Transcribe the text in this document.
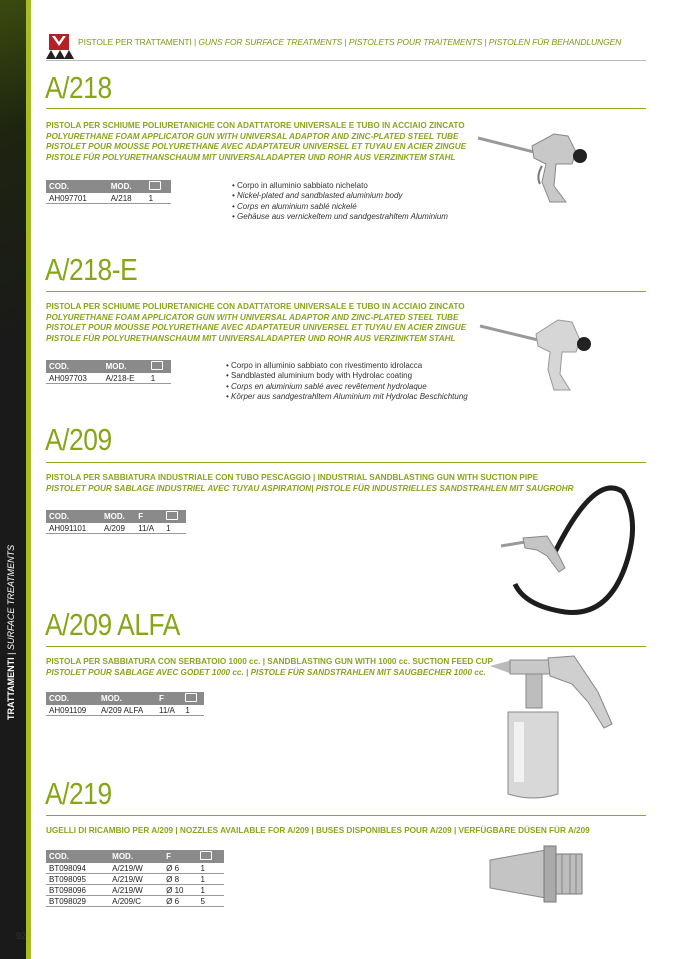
TRATTAMENTI | SURFACE TREATMENTS
PISTOLE PER TRATTAMENTI | GUNS FOR SURFACE TREATMENTS | PISTOLETS POUR TRAITEMENTS | PISTOLEN FÜR BEHANDLUNGEN
A/218
PISTOLA PER SCHIUME POLIURETANICHE CON ADATTATORE UNIVERSALE E TUBO IN ACCIAIO ZINCATO
POLYURETHANE FOAM APPLICATOR GUN WITH UNIVERSAL ADAPTOR AND ZINC-PLATED STEEL TUBE
PISTOLET POUR MOUSSE POLYURETHANE AVEC ADAPTATEUR UNIVERSEL ET TUYAU EN ACIER ZINGUE
PISTOLE FÜR POLYURETHANSCHAUM MIT UNIVERSALADAPTER UND ROHR AUS VERZINKTEM STAHL
COD.	MOD.	
AH097701	A/218	1
• Corpo in alluminio sabbiato nichelato
• Nickel-plated and sandblasted aluminium body
• Corps en aluminium sablé nickelé
• Gehäuse aus vernickeltem und sandgestrahltem Aluminium
A/218-E
PISTOLA PER SCHIUME POLIURETANICHE CON ADATTATORE UNIVERSALE E TUBO IN ACCIAIO ZINCATO
POLYURETHANE FOAM APPLICATOR GUN WITH UNIVERSAL ADAPTOR AND ZINC-PLATED STEEL TUBE
PISTOLET POUR MOUSSE POLYURETHANE AVEC ADAPTATEUR UNIVERSEL ET TUYAU EN ACIER ZINGUE
PISTOLE FÜR POLYURETHANSCHAUM MIT UNIVERSALADAPTER UND ROHR AUS VERZINKTEM STAHL
COD.	MOD.	
AH097703	A/218-E	1
• Corpo in alluminio sabbiato con rivestimento idrolacca
• Sandblasted aluminium body with Hydrolac coating
• Corps en aluminium sablé avec revêtement hydrolaque
• Körper aus sandgestrahltem Aluminium mit Hydrolac Beschichtung
A/209
PISTOLA PER SABBIATURA INDUSTRIALE CON TUBO PESCAGGIO | INDUSTRIAL SANDBLASTING GUN WITH SUCTION PIPE
PISTOLET POUR SABLAGE INDUSTRIEL AVEC TUYAU ASPIRATION| PISTOLE FÜR INDUSTRIELLES SANDSTRAHLEN MIT SAUGROHR
COD.	MOD.	F	
AH091101	A/209	11/A	1
A/209 ALFA
PISTOLA PER SABBIATURA CON SERBATOIO 1000 cc. | SANDBLASTING GUN WITH 1000 cc. SUCTION FEED CUP
PISTOLET POUR SABLAGE AVEC GODET 1000 cc. | PISTOLE FÜR SANDSTRAHLEN MIT SAUGBECHER 1000 cc.
COD.	MOD.	F	
AH091109	A/209 ALFA	11/A	1
A/219
UGELLI DI RICAMBIO PER A/209 | NOZZLES AVAILABLE FOR A/209 | BUSES DISPONIBLES POUR A/209 | VERFÜGBARE DÜSEN FÜR A/209
COD.	MOD.	F	
BT098094	A/219/W	Ø 6	1
BT098095	A/219/W	Ø 8	1
BT098096	A/219/W	Ø 10	1
BT098029	A/209/C	Ø 6	5
92
